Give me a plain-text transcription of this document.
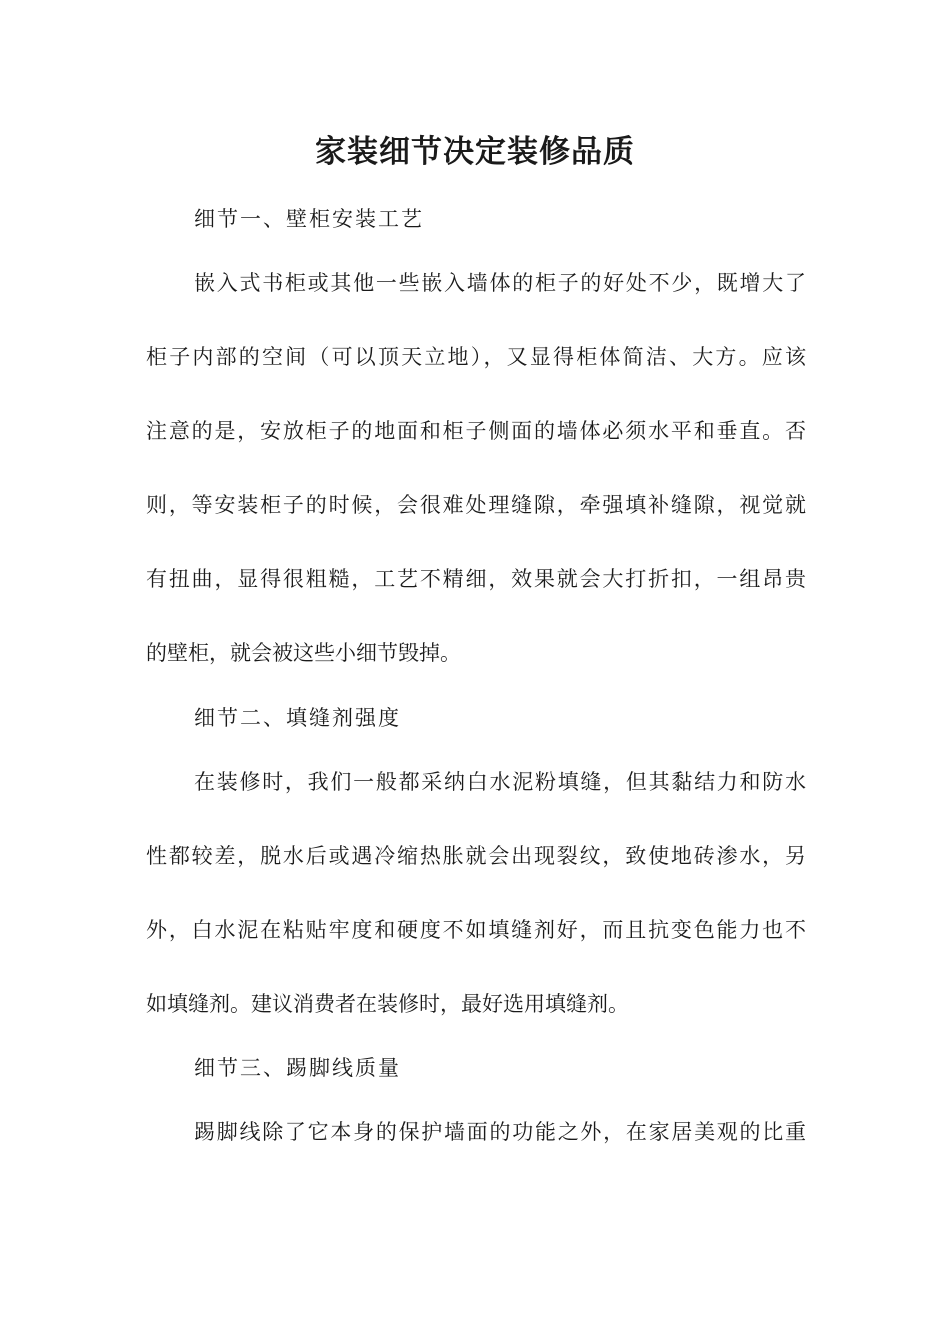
家装细节决定装修品质

细节一、壁柜安装工艺

嵌入式书柜或其他一些嵌入墙体的柜子的好处不少，既增大了

柜子内部的空间（可以顶天立地），又显得柜体简洁、大方。应该

注意的是，安放柜子的地面和柜子侧面的墙体必须水平和垂直。否

则，等安装柜子的时候，会很难处理缝隙，牵强填补缝隙，视觉就

有扭曲，显得很粗糙，工艺不精细，效果就会大打折扣，一组昂贵

的壁柜，就会被这些小细节毁掉。

细节二、填缝剂强度

在装修时，我们一般都采纳白水泥粉填缝，但其黏结力和防水

性都较差，脱水后或遇冷缩热胀就会出现裂纹，致使地砖渗水，另

外，白水泥在粘贴牢度和硬度不如填缝剂好，而且抗变色能力也不

如填缝剂。建议消费者在装修时，最好选用填缝剂。

细节三、踢脚线质量

踢脚线除了它本身的保护墙面的功能之外，在家居美观的比重
